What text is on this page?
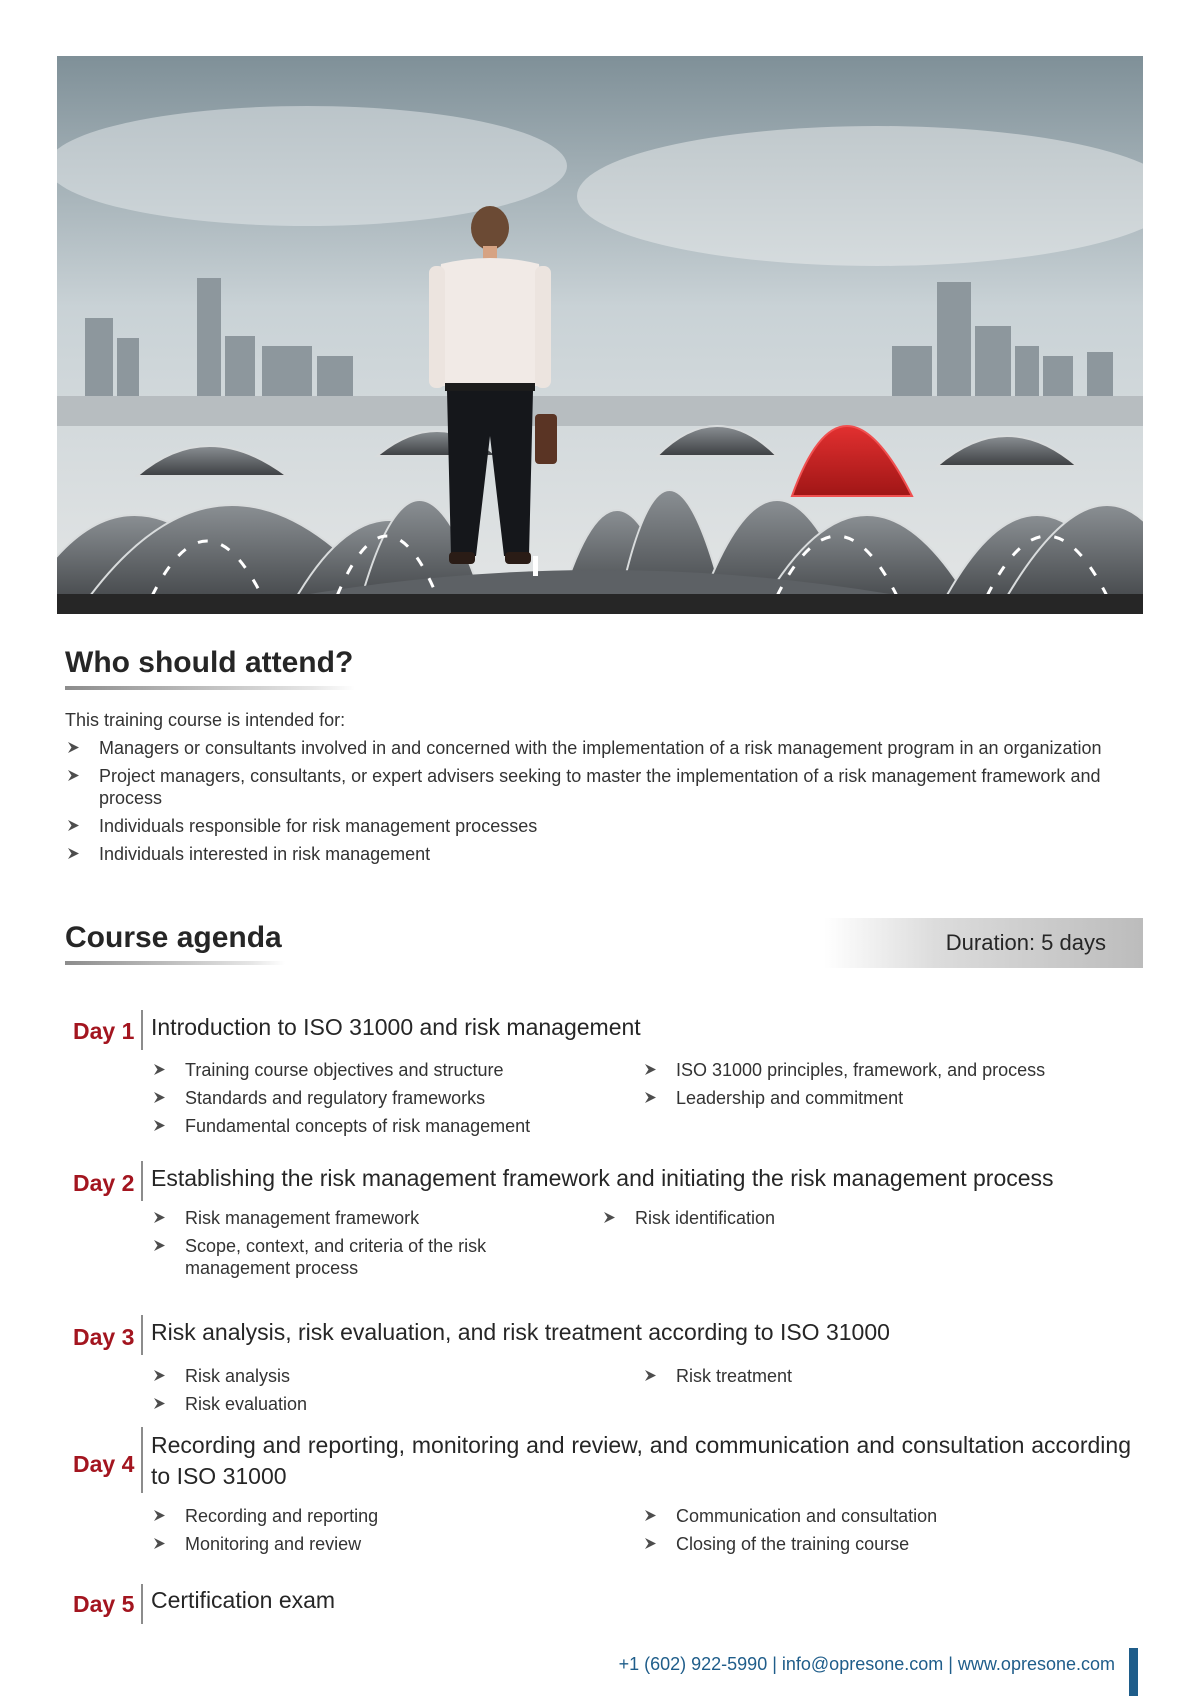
Who should attend?
This training course is intended for:
Managers or consultants involved in and concerned with the implementation of a risk management program in an organization
Project managers, consultants, or expert advisers seeking to master the implementation of a risk management framework and process
Individuals responsible for risk management processes
Individuals interested in risk management
Course agenda	Duration: 5 days
Day 1 Introduction to ISO 31000 and risk management
Training course objectives and structure
Standards and regulatory frameworks
Fundamental concepts of risk management
ISO 31000 principles, framework, and process
Leadership and commitment
Day 2 Establishing the risk management framework and initiating the risk management process
Risk management framework
Scope, context, and criteria of the risk management process
Risk identification
Day 3 Risk analysis, risk evaluation, and risk treatment according to ISO 31000
Risk analysis
Risk evaluation
Risk treatment
Day 4
Recording and reporting, monitoring and review, and communication and consultation according to ISO 31000
Recording and reporting
Monitoring and review
Communication and consultation
Closing of the training course
Day 5 Certification exam
+1 (602) 922-5990 | info@opresone.com | www.opresone.com
